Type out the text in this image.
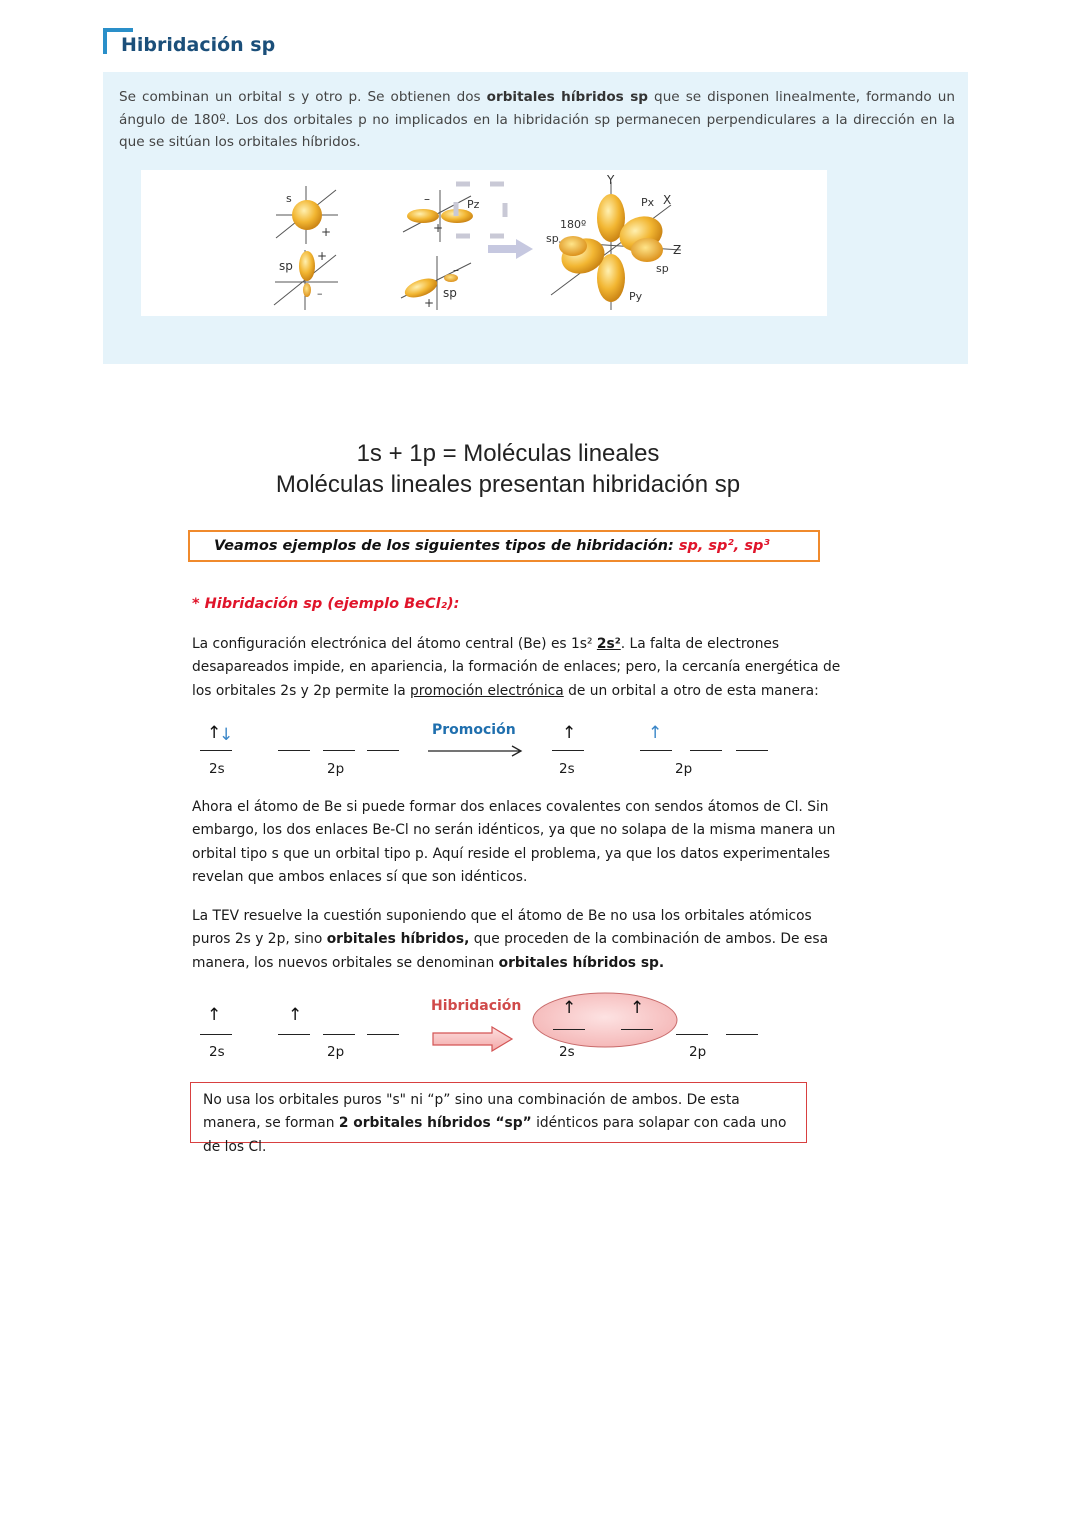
Hibridación sp

Se combinan un orbital s y otro p. Se obtienen dos orbitales híbridos sp que se disponen linealmente, formando un ángulo de 180º. Los dos orbitales p no implicados en la hibridación sp permanecen perpendiculares a la dirección en la que se sitúan los orbitales híbridos.

s
+
sp
+
–
–
+
Pz
+
–
sp
Y
Px X
Z
180º
sp
sp
Py
1s + 1p = Moléculas lineales
Moléculas lineales presentan hibridación sp
Veamos ejemplos de los siguientes tipos de hibridación: sp, sp², sp³
* Hibridación sp (ejemplo BeCl₂):

La configuración electrónica del átomo central (Be) es 1s² 2s². La falta de electrones desapareados impide, en apariencia, la formación de enlaces; pero, la cercanía energética de los orbitales 2s y 2p permite la promoción electrónica de un orbital a otro de esta manera:

↑
↓
2s	2p
Promoción	↑
2s
↑
2p

Ahora el átomo de Be si puede formar dos enlaces covalentes con sendos átomos de Cl. Sin embargo, los dos enlaces Be-Cl no serán idénticos, ya que no solapa de la misma manera un orbital tipo s que un orbital tipo p. Aquí reside el problema, ya que los datos experimentales revelan que ambos enlaces sí que son idénticos.

La TEV resuelve la cuestión suponiendo que el átomo de Be no usa los orbitales atómicos puros 2s y 2p, sino orbitales híbridos, que proceden de la combinación de ambos. De esa manera, los nuevos orbitales se denominan orbitales híbridos sp.

↑
2s
↑
2p
Hibridación ↑	↑
2s	2p

No usa los orbitales puros "s" ni “p” sino una combinación de ambos. De esta manera, se forman 2 orbitales híbridos “sp” idénticos para solapar con cada uno de los Cl.
